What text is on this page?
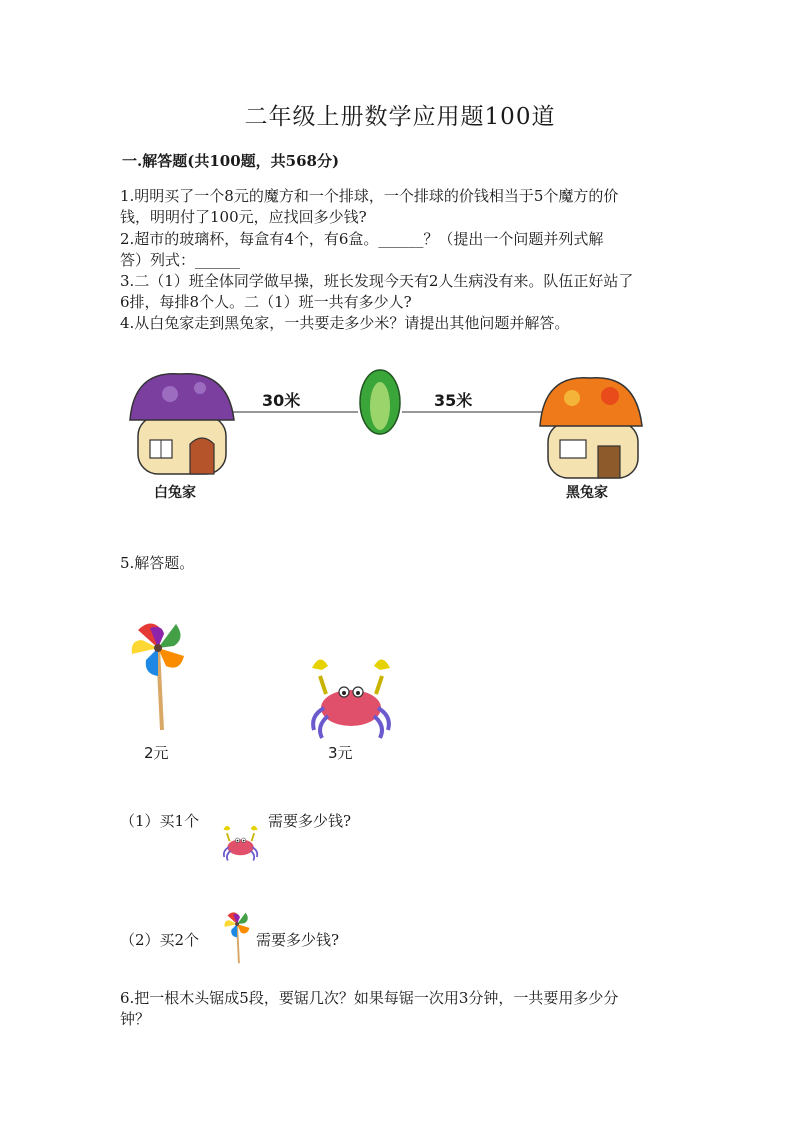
二年级上册数学应用题100道
一.解答题(共100题，共568分)
1.明明买了一个8元的魔方和一个排球，一个排球的价钱相当于5个魔方的价
钱，明明付了100元，应找回多少钱?
2.超市的玻璃杯，每盒有4个，有6盒。______？（提出一个问题并列式解
答）列式：______
3.二（1）班全体同学做早操，班长发现今天有2人生病没有来。队伍正好站了
6排，每排8个人。二（1）班一共有多少人?
4.从白兔家走到黑兔家，一共要走多少米？请提出其他问题并解答。
30米	35米
白兔家	黑兔家
5.解答题。
2元	3元
（1）买1个	需要多少钱?
（2）买2个	需要多少钱?
6.把一根木头锯成5段，要锯几次？如果每锯一次用3分钟，一共要用多少分
钟？
